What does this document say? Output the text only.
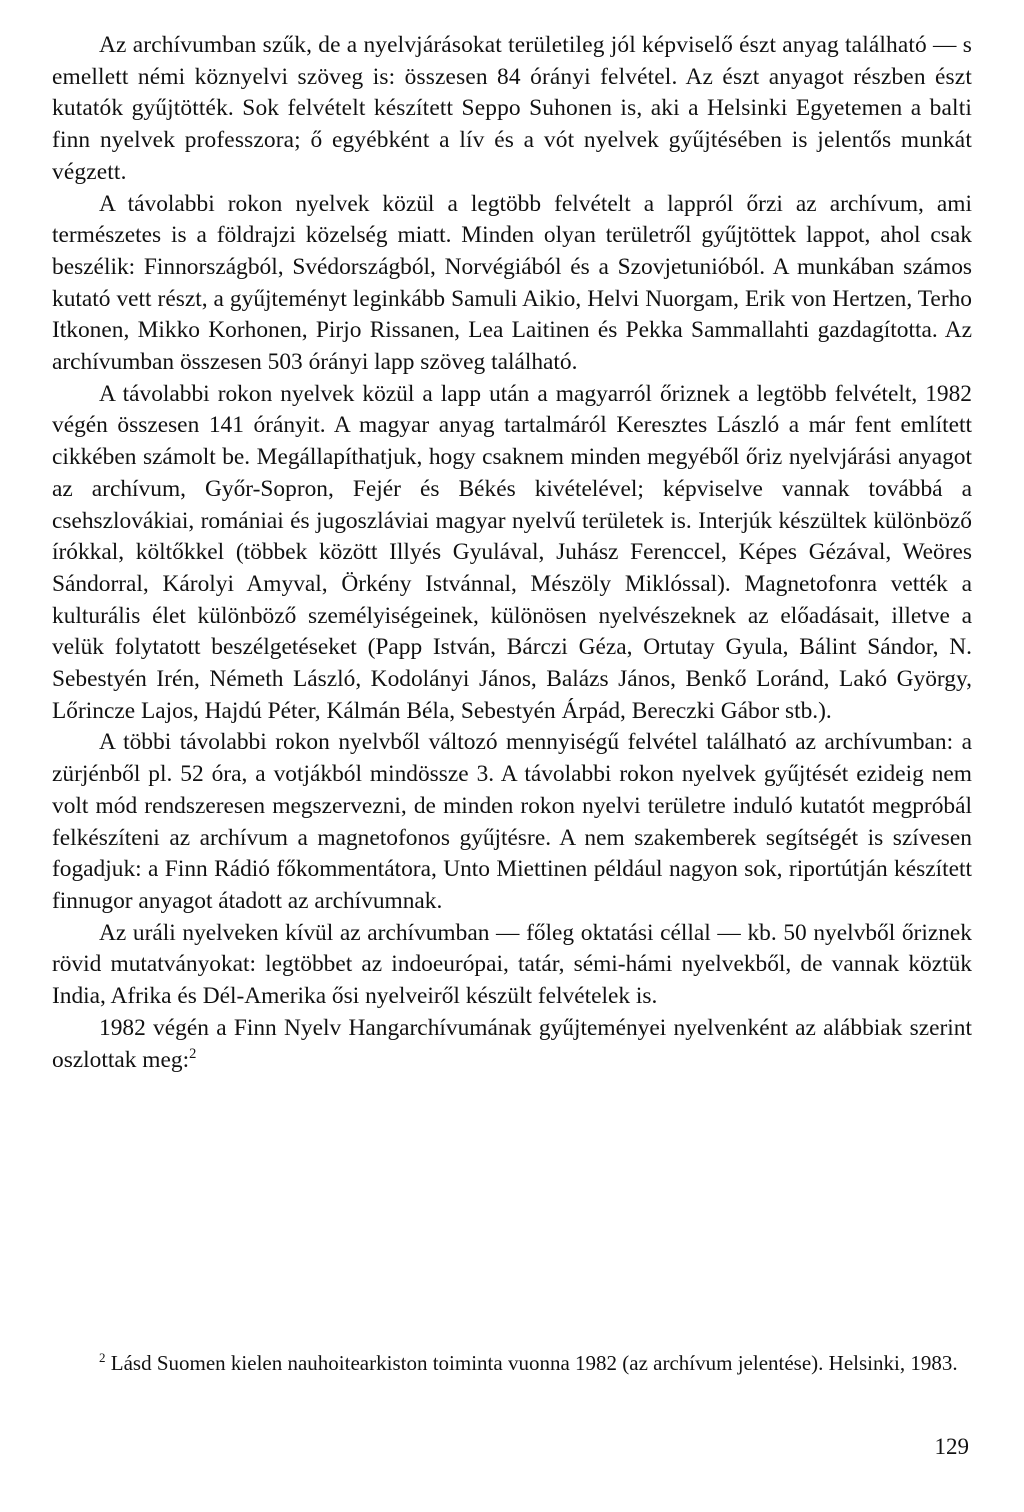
Az archívumban szűk, de a nyelvjárásokat területileg jól képviselő észt anyag található — s emellett némi köznyelvi szöveg is: összesen 84 órányi felvétel. Az észt anyagot részben észt kutatók gyűjtötték. Sok felvételt készített Seppo Suhonen is, aki a Helsinki Egyetemen a balti finn nyelvek professzora; ő egyébként a lív és a vót nyelvek gyűjtésében is jelentős munkát végzett.

A távolabbi rokon nyelvek közül a legtöbb felvételt a lappról őrzi az archívum, ami természetes is a földrajzi közelség miatt. Minden olyan területről gyűjtöttek lappot, ahol csak beszélik: Finnországból, Svédországból, Norvégiából és a Szovjetunióból. A munkában számos kutató vett részt, a gyűjteményt leginkább Samuli Aikio, Helvi Nuorgam, Erik von Hertzen, Terho Itkonen, Mikko Korhonen, Pirjo Rissanen, Lea Laitinen és Pekka Sammallahti gazdagította. Az archívumban összesen 503 órányi lapp szöveg található.

A távolabbi rokon nyelvek közül a lapp után a magyarról őriznek a legtöbb felvételt, 1982 végén összesen 141 órányit. A magyar anyag tartalmáról Keresztes László a már fent említett cikkében számolt be. Megállapíthatjuk, hogy csaknem minden megyéből őriz nyelvjárási anyagot az archívum, Győr-Sopron, Fejér és Békés kivételével; képviselve vannak továbbá a csehszlovákiai, romániai és jugoszláviai magyar nyelvű területek is. Interjúk készültek különböző írókkal, költőkkel (többek között Illyés Gyulával, Juhász Ferenccel, Képes Gézával, Weöres Sándorral, Károlyi Amyval, Örkény Istvánnal, Mészöly Miklóssal). Magnetofonra vették a kulturális élet különböző személyiségeinek, különösen nyelvészeknek az előadásait, illetve a velük folytatott beszélgetéseket (Papp István, Bárczi Géza, Ortutay Gyula, Bálint Sándor, N. Sebestyén Irén, Németh László, Kodolányi János, Balázs János, Benkő Loránd, Lakó György, Lőrincze Lajos, Hajdú Péter, Kálmán Béla, Sebestyén Árpád, Bereczki Gábor stb.).

A többi távolabbi rokon nyelvből változó mennyiségű felvétel található az archívumban: a zürjénből pl. 52 óra, a votjákból mindössze 3. A távolabbi rokon nyelvek gyűjtését ezideig nem volt mód rendszeresen megszervezni, de minden rokon nyelvi területre induló kutatót megpróbál felkészíteni az archívum a magnetofonos gyűjtésre. A nem szakemberek segítségét is szívesen fogadjuk: a Finn Rádió főkommentátora, Unto Miettinen például nagyon sok, riportútján készített finnugor anyagot átadott az archívumnak.

Az uráli nyelveken kívül az archívumban — főleg oktatási céllal — kb. 50 nyelvből őriznek rövid mutatványokat: legtöbbet az indoeurópai, tatár, sémi-hámi nyelvekből, de vannak köztük India, Afrika és Dél-Amerika ősi nyelveiről készült felvételek is.

1982 végén a Finn Nyelv Hangarchívumának gyűjteményei nyelvenként az alábbiak szerint oszlottak meg:$^2$

$^2$ Lásd Suomen kielen nauhoitearkiston toiminta vuonna 1982 (az archívum jelentése). Helsinki, 1983.

129
